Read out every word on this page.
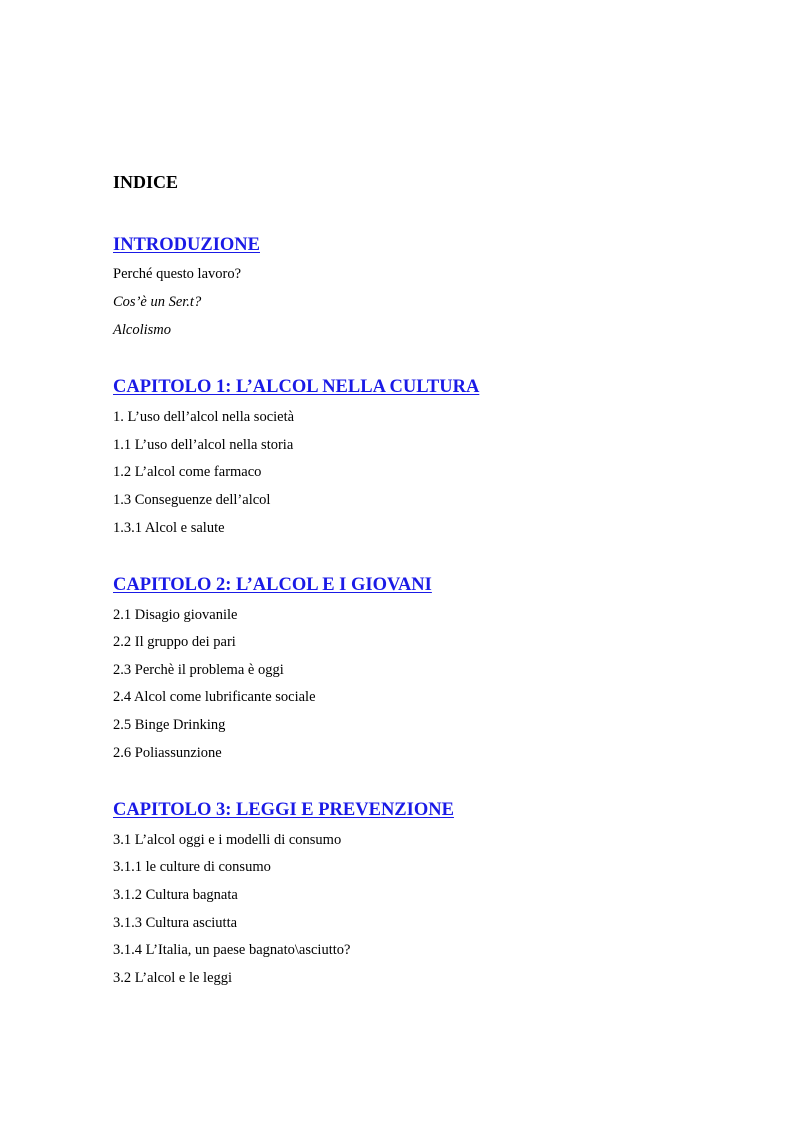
INDICE
INTRODUZIONE

Perché questo lavoro?

Cos’è un Ser.t?

Alcolismo

CAPITOLO 1: L’ALCOL NELLA CULTURA

1. L’uso dell’alcol nella società

1.1 L’uso dell’alcol nella storia

1.2 L’alcol come farmaco

1.3 Conseguenze dell’alcol

1.3.1 Alcol e salute

CAPITOLO 2: L’ALCOL E I GIOVANI

2.1 Disagio giovanile

2.2 Il gruppo dei pari

2.3 Perchè il problema è oggi

2.4 Alcol come lubrificante sociale

2.5 Binge Drinking

2.6 Poliassunzione

CAPITOLO 3: LEGGI E PREVENZIONE

3.1 L’alcol oggi e i modelli di consumo

3.1.1 le culture di consumo

3.1.2 Cultura bagnata

3.1.3 Cultura asciutta

3.1.4 L’Italia, un paese bagnato\asciutto?

3.2 L’alcol e le leggi
